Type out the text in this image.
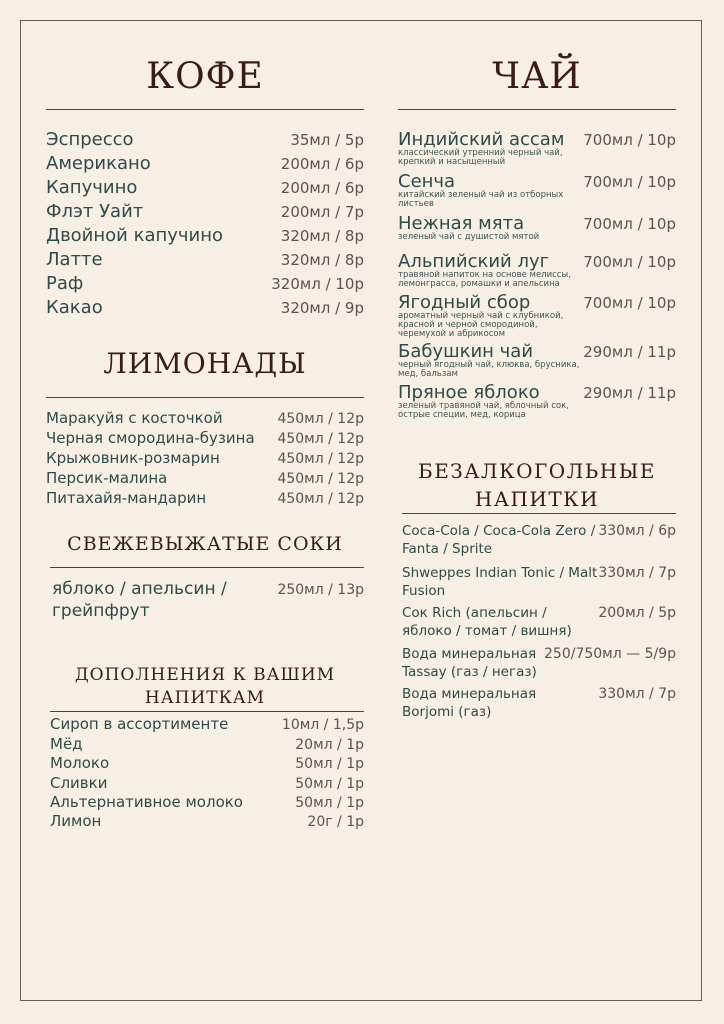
КОФЕ
Эспрессо	35мл / 5р
Американо	200мл / 6р
Капучино	200мл / 6р
Флэт Уайт	200мл / 7р
Двойной капучино	320мл / 8р
Латте	320мл / 8р
Раф	320мл / 10р
Какао	320мл / 9р
ЛИМОНАДЫ
Маракуйя с косточкой	450мл / 12р
Черная смородина-бузина 450мл / 12р
Крыжовник-розмарин	450мл / 12р
Персик-малина	450мл / 12р
Питахайя-мандарин	450мл / 12р
СВЕЖЕВЫЖАТЫЕ СОКИ
яблоко / апельсин / грейпфрут
250мл / 13р
ДОПОЛНЕНИЯ К ВАШИМ
НАПИТКАМ
Сироп в ассортименте	10мл / 1,5р
Мёд	20мл / 1р
Молоко	50мл / 1р
Сливки	50мл / 1р
Альтернативное молоко	50мл / 1р
Лимон	20г / 1р
ЧАЙ
Индийский ассам 700мл / 10р
классический утренний черный чай, крепкий и насыщенный
Сенча	700мл / 10р
китайский зеленый чай из отборных листьев
Нежная мята	700мл / 10р
зеленый чай с душистой мятой
Альпийский луг 700мл / 10р
травяной напиток на основе мелиссы, лемонграсса, ромашки и апельсина
Ягодный сбор	700мл / 10р
ароматный черный чай с клубникой, красной и черной смородиной, черемухой и абрикосом
Бабушкин чай	290мл / 11р
черный ягодный чай, клюква, брусника, мед, бальзам
Пряное яблоко	290мл / 11р
зеленый травяной чай, яблочный сок, острые специи, мед, корица
БЕЗАЛКОГОЛЬНЫЕ
НАПИТКИ
Coca-Cola / Coca-Cola Zero / Fanta / Sprite
330мл / 6р
Shweppes Indian Tonic / Malt Fusion
330мл / 7р
Сок Rich (апельсин / яблоко / томат / вишня)
200мл / 5р
Вода минеральная Tassay (газ / негаз)
250/750мл — 5/9р
Вода минеральная Borjomi (газ)
330мл / 7р
